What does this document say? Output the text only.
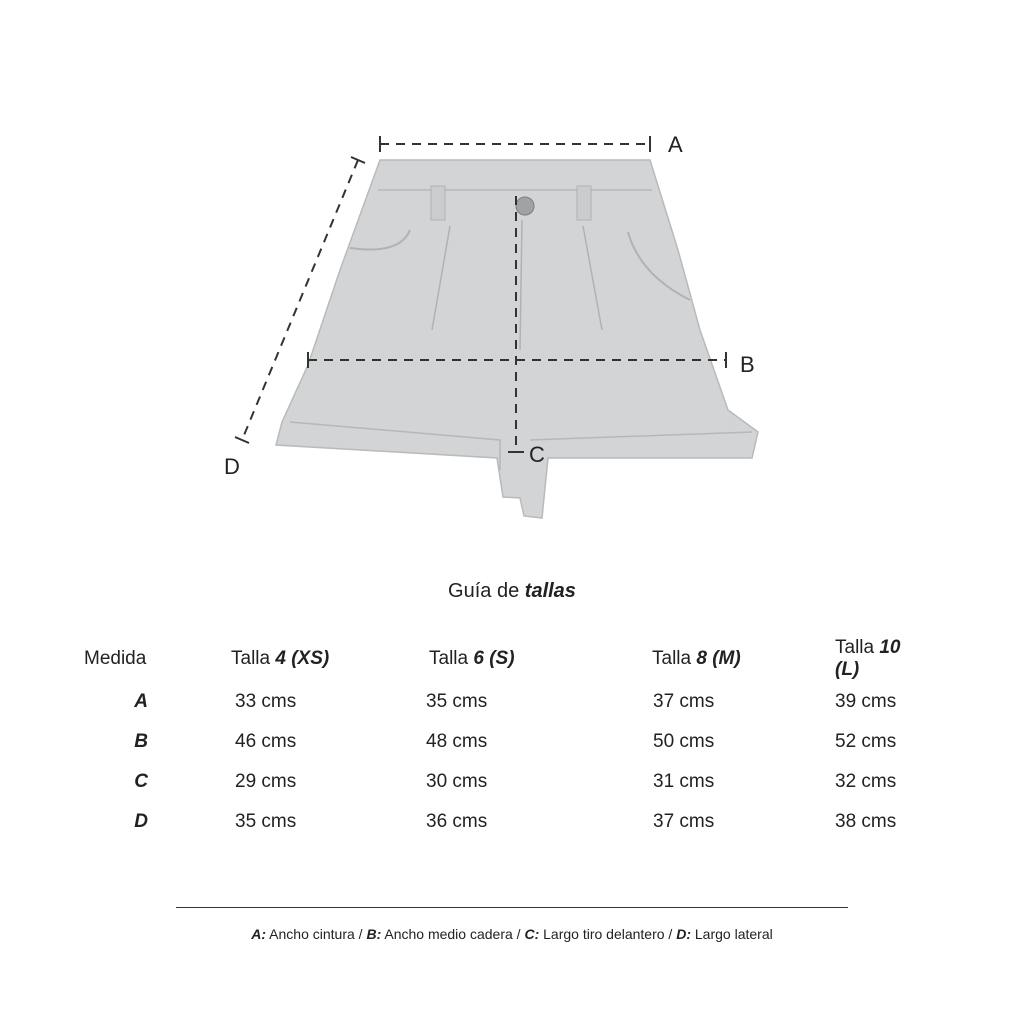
A
B
C
D
Guía de tallas
Medida	Talla 4 (XS)	Talla 6 (S)	Talla 8 (M)	Talla 10 (L)
A	33 cms	35 cms	37 cms	39 cms
B	46 cms	48 cms	50 cms	52 cms
C	29 cms	30 cms	31 cms	32 cms
D	35 cms	36 cms	37 cms	38 cms
A: Ancho cintura / B: Ancho medio cadera / C: Largo tiro delantero / D: Largo lateral
